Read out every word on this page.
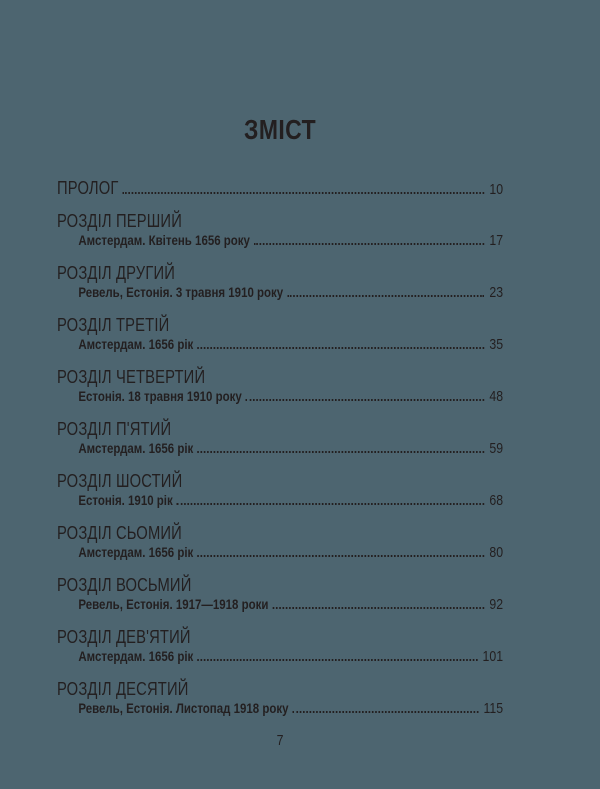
ЗМІСТ
ПРОЛОГ	10
РОЗДІЛ ПЕРШИЙ
Амстердам. Квітень 1656 року	17
РОЗДІЛ ДРУГИЙ
Ревель, Естонія. 3 травня 1910 року	23
РОЗДІЛ ТРЕТІЙ
Амстердам. 1656 рік	35
РОЗДІЛ ЧЕТВЕРТИЙ
Естонія. 18 травня 1910 року	48
РОЗДІЛ П'ЯТИЙ
Амстердам. 1656 рік	59
РОЗДІЛ ШОСТИЙ
Естонія. 1910 рік	68
РОЗДІЛ СЬОМИЙ
Амстердам. 1656 рік	80
РОЗДІЛ ВОСЬМИЙ
Ревель, Естонія. 1917—1918 роки	92
РОЗДІЛ ДЕВ'ЯТИЙ
Амстердам. 1656 рік	101
РОЗДІЛ ДЕСЯТИЙ
Ревель, Естонія. Листопад 1918 року	115
7
